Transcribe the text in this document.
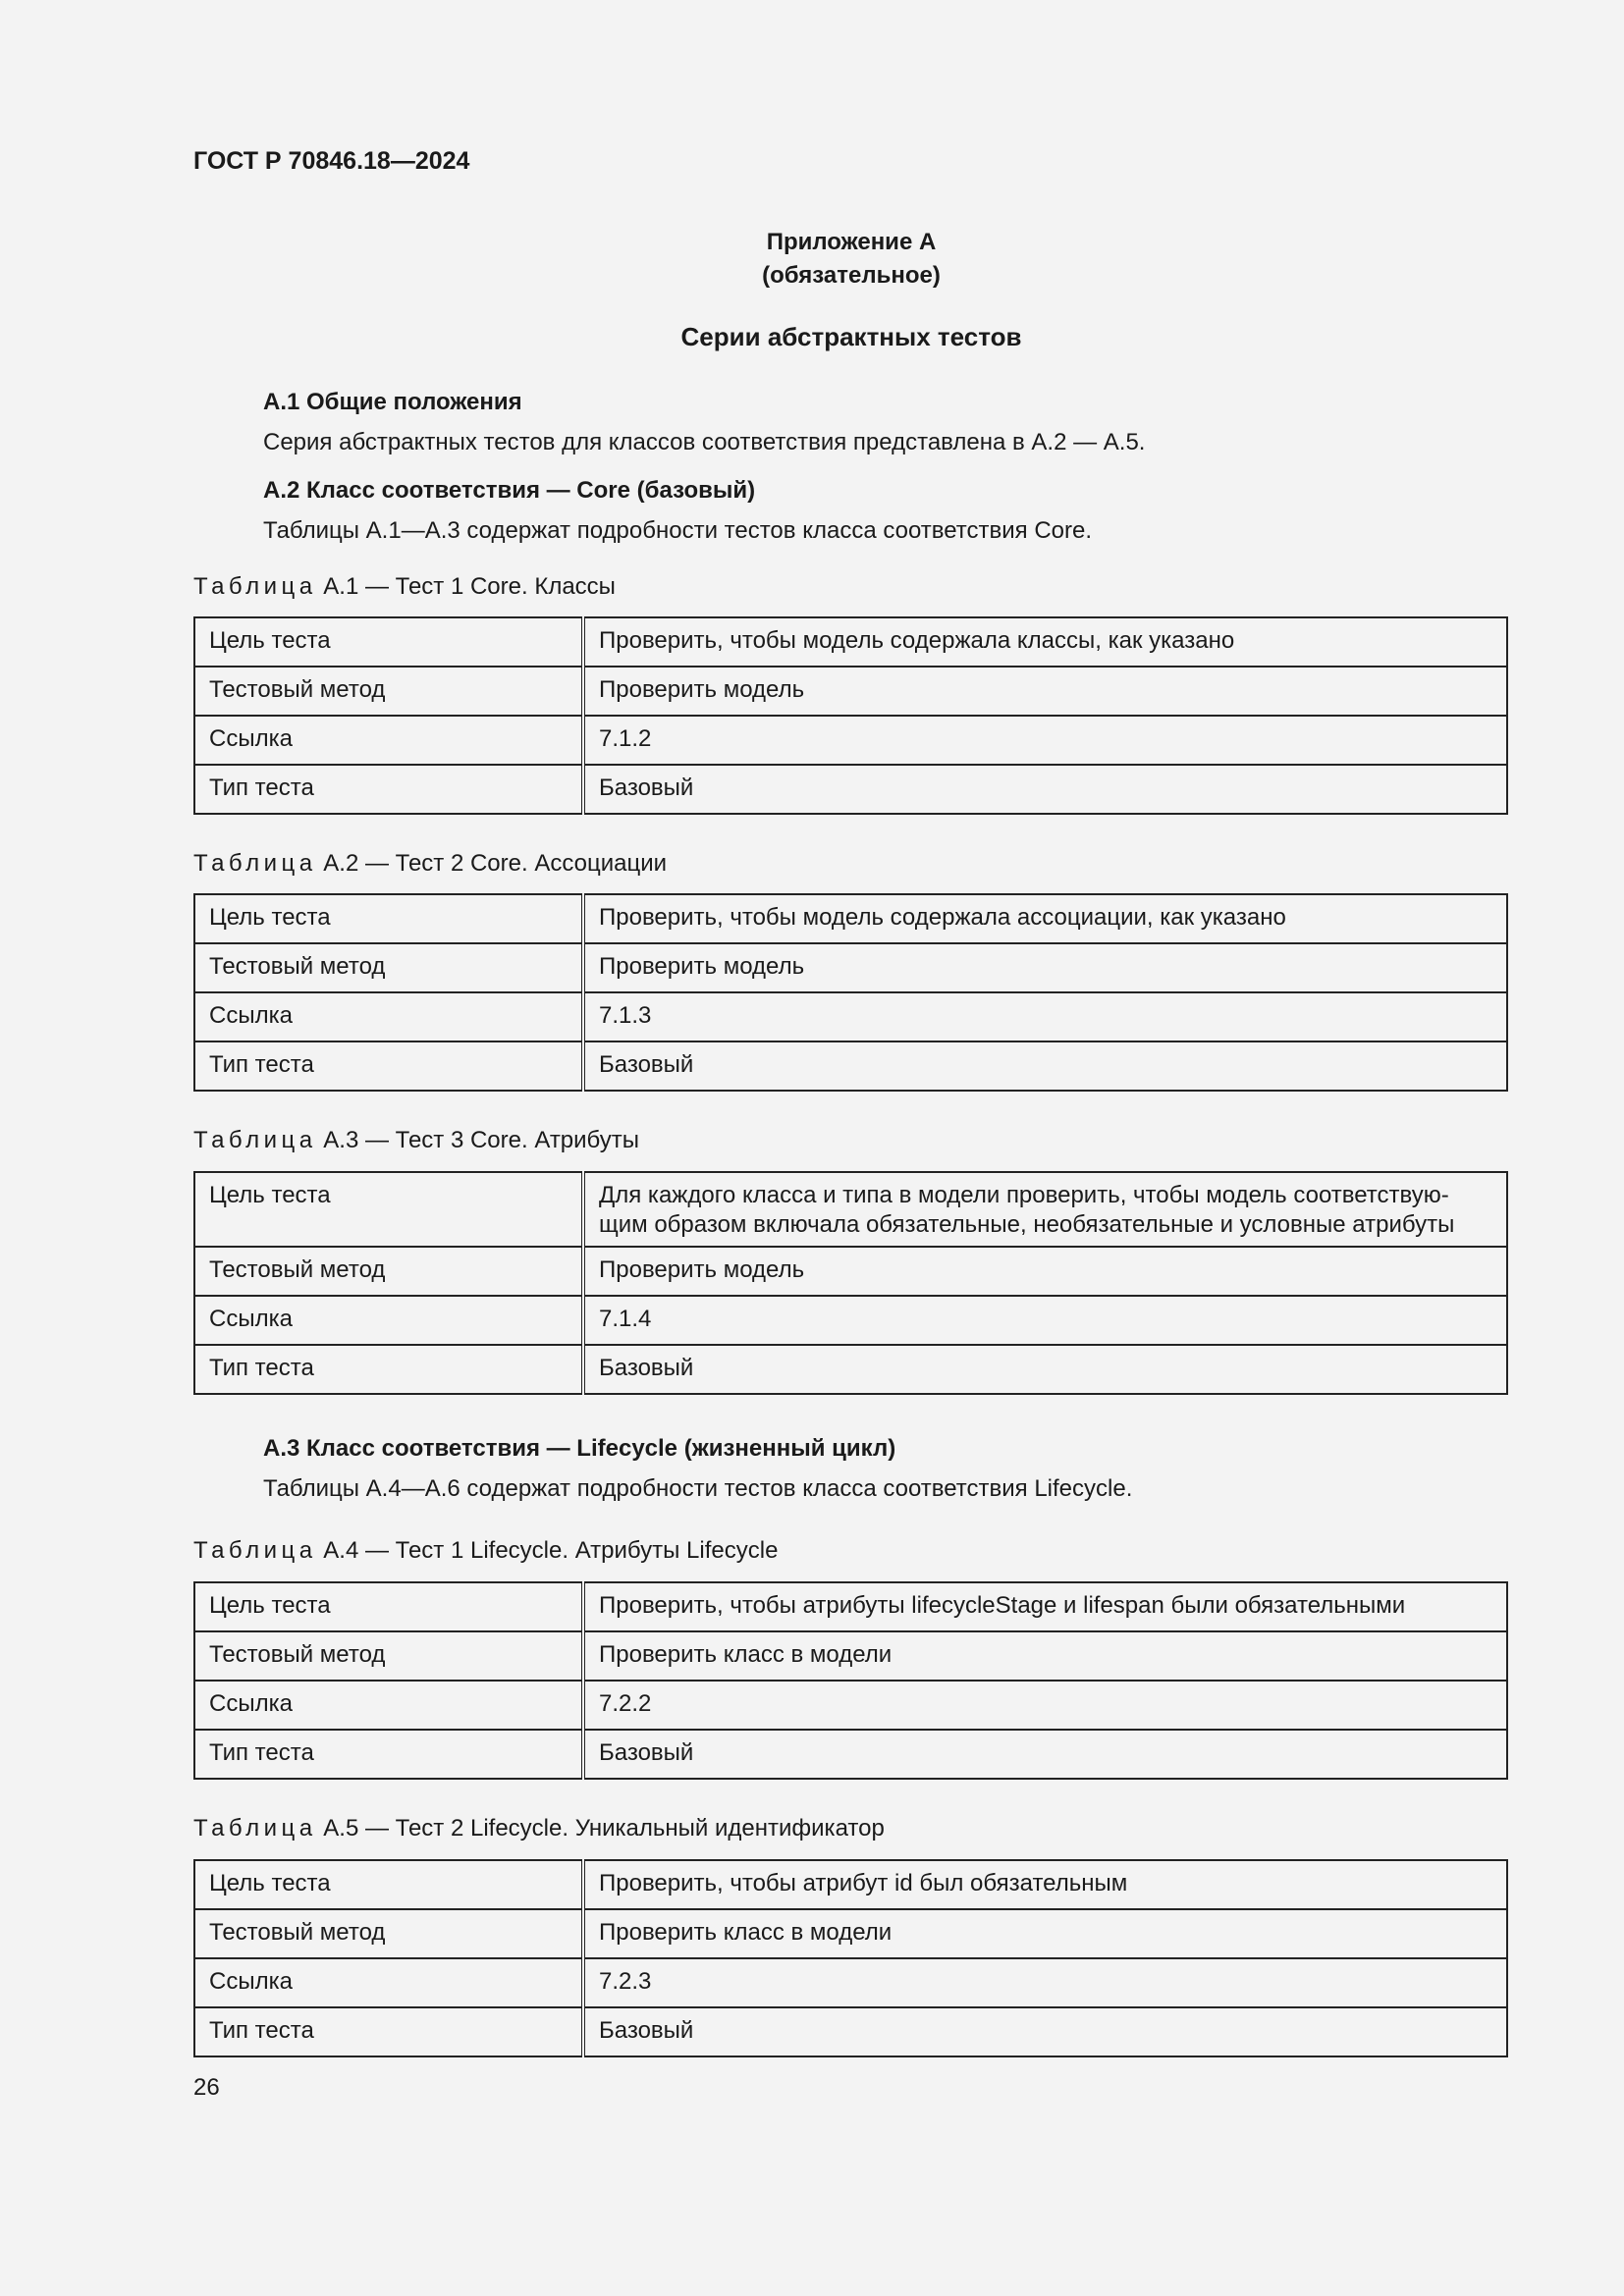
ГОСТ Р 70846.18—2024
Приложение А
(обязательное)
Серии абстрактных тестов
А.1 Общие положения

Серия абстрактных тестов для классов соответствия представлена в А.2 — А.5.

А.2 Класс соответствия — Core (базовый)

Таблицы А.1—А.3 содержат подробности тестов класса соответствия Core.

Таблица А.1 — Тест 1 Core. Классы

Цель теста	Проверить, чтобы модель содержала классы, как указано
Тестовый метод	Проверить модель
Ссылка	7.1.2
Тип теста	Базовый

Таблица А.2 — Тест 2 Core. Ассоциации

Цель теста	Проверить, чтобы модель содержала ассоциации, как указано
Тестовый метод	Проверить модель
Ссылка	7.1.3
Тип теста	Базовый

Таблица А.3 — Тест 3 Core. Атрибуты

Цель теста	Для каждого класса и типа в модели проверить, чтобы модель соответствую-щим образом включала обязательные, необязательные и условные атрибуты
Тестовый метод	Проверить модель
Ссылка	7.1.4
Тип теста	Базовый
А.3 Класс соответствия — Lifecycle (жизненный цикл)

Таблицы А.4—А.6 содержат подробности тестов класса соответствия Lifecycle.

Таблица А.4 — Тест 1 Lifecycle. Атрибуты Lifecycle

Цель теста	Проверить, чтобы атрибуты lifecycleStage и lifespan были обязательными
Тестовый метод	Проверить класс в модели
Ссылка	7.2.2
Тип теста	Базовый

Таблица А.5 — Тест 2 Lifecycle. Уникальный идентификатор

Цель теста	Проверить, чтобы атрибут id был обязательным
Тестовый метод	Проверить класс в модели
Ссылка	7.2.3
Тип теста	Базовый

26
